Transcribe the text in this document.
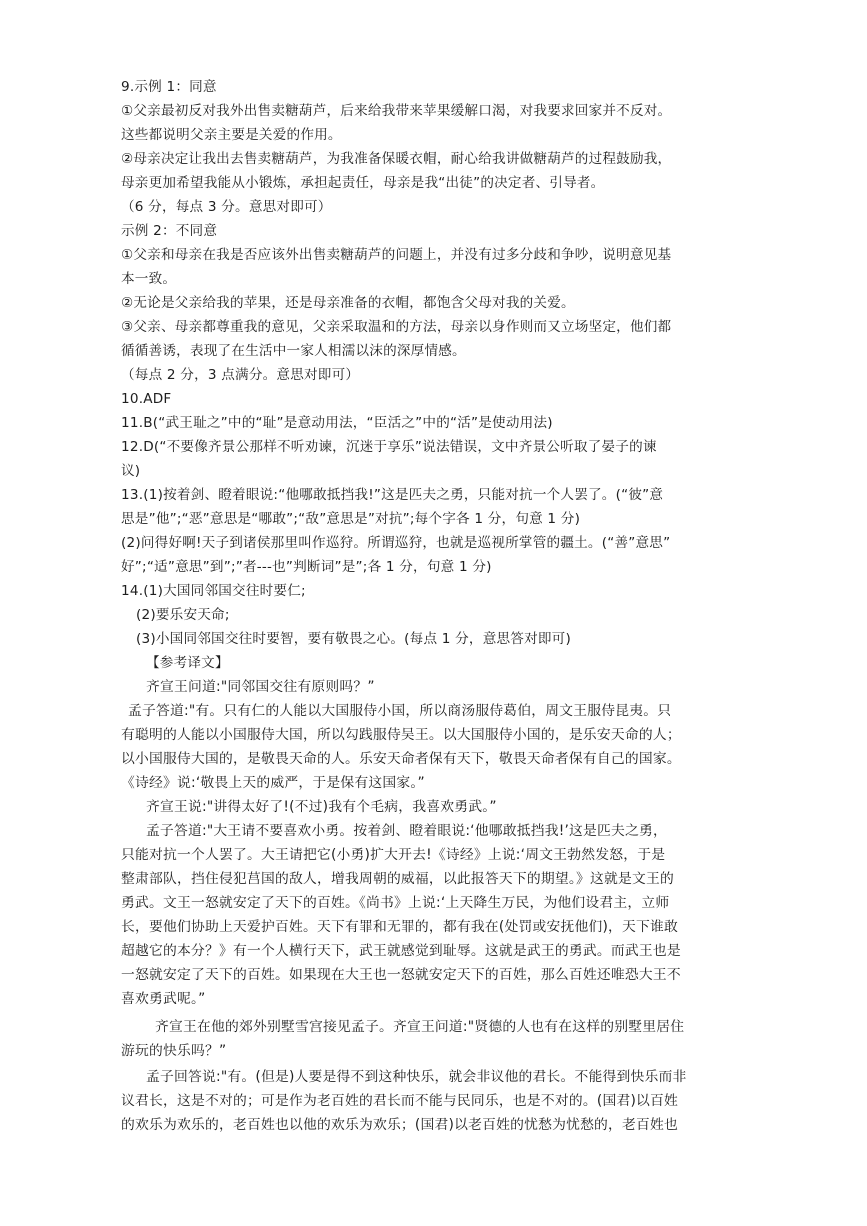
9.示例 1：同意
①父亲最初反对我外出售卖糖葫芦，后来给我带来苹果缓解口渴，对我要求回家并不反对。
这些都说明父亲主要是关爱的作用。
②母亲决定让我出去售卖糖葫芦，为我准备保暖衣帽，耐心给我讲做糖葫芦的过程鼓励我，
母亲更加希望我能从小锻炼，承担起责任，母亲是我“出徒”的决定者、引导者。
（6 分，每点 3 分。意思对即可）
示例 2：不同意
①父亲和母亲在我是否应该外出售卖糖葫芦的问题上，并没有过多分歧和争吵，说明意见基
本一致。
②无论是父亲给我的苹果，还是母亲准备的衣帽，都饱含父母对我的关爱。
③父亲、母亲都尊重我的意见，父亲采取温和的方法，母亲以身作则而又立场坚定，他们都
循循善诱，表现了在生活中一家人相濡以沫的深厚情感。
（每点 2 分，3 点满分。意思对即可）
10.ADF
11.B(“武王耻之”中的“耻”是意动用法，“臣活之”中的“活”是使动用法)
12.D(“不要像齐景公那样不听劝谏，沉迷于享乐”说法错误，文中齐景公听取了晏子的谏
议)
13.(1)按着剑、瞪着眼说:“他哪敢抵挡我!”这是匹夫之勇，只能对抗一个人罢了。(“彼”意
思是”他”;“恶”意思是“哪敢”;“敌”意思是”对抗”;每个字各 1 分，句意 1 分)
(2)问得好啊!天子到诸侯那里叫作巡狩。所谓巡狩，也就是巡视所掌管的疆土。(“善”意思”
好”;“适”意思”到”;”者---也”判断词”是”;各 1 分，句意 1 分)
14.(1)大国同邻国交往时要仁;
(2)要乐安天命;
(3)小国同邻国交往时要智，要有敬畏之心。(每点 1 分，意思答对即可)
【参考译文】
齐宣王问道:"同邻国交往有原则吗？”
孟子答道:"有。只有仁的人能以大国服侍小国，所以商汤服侍葛伯，周文王服侍昆夷。只
有聪明的人能以小国服侍大国，所以勾践服侍吴王。以大国服侍小国的，是乐安天命的人；
以小国服侍大国的，是敬畏天命的人。乐安天命者保有天下，敬畏天命者保有自己的国家。
《诗经》说:‘敬畏上天的威严，于是保有这国家。”
齐宣王说:"讲得太好了!(不过)我有个毛病，我喜欢勇武。”
孟子答道:"大王请不要喜欢小勇。按着剑、瞪着眼说:‘他哪敢抵挡我!’这是匹夫之勇，
只能对抗一个人罢了。大王请把它(小勇)扩大开去!《诗经》上说:‘周文王勃然发怒，于是
整肃部队，挡住侵犯莒国的敌人，增我周朝的威福，以此报答天下的期望。》这就是文王的
勇武。文王一怒就安定了天下的百姓。《尚书》上说:‘上天降生万民，为他们设君主，立师
长，要他们协助上天爱护百姓。天下有罪和无罪的，都有我在(处罚或安抚他们)，天下谁敢
超越它的本分？》有一个人横行天下，武王就感觉到耻辱。这就是武王的勇武。而武王也是
一怒就安定了天下的百姓。如果现在大王也一怒就安定天下的百姓，那么百姓还唯恐大王不
喜欢勇武呢。”
齐宣王在他的郊外别墅雪宫接见孟子。齐宣王问道:"贤德的人也有在这样的别墅里居住
游玩的快乐吗？”
孟子回答说:"有。(但是)人要是得不到这种快乐，就会非议他的君长。不能得到快乐而非
议君长，这是不对的；可是作为老百姓的君长而不能与民同乐，也是不对的。(国君)以百姓
的欢乐为欢乐的，老百姓也以他的欢乐为欢乐；(国君)以老百姓的忧愁为忧愁的，老百姓也
